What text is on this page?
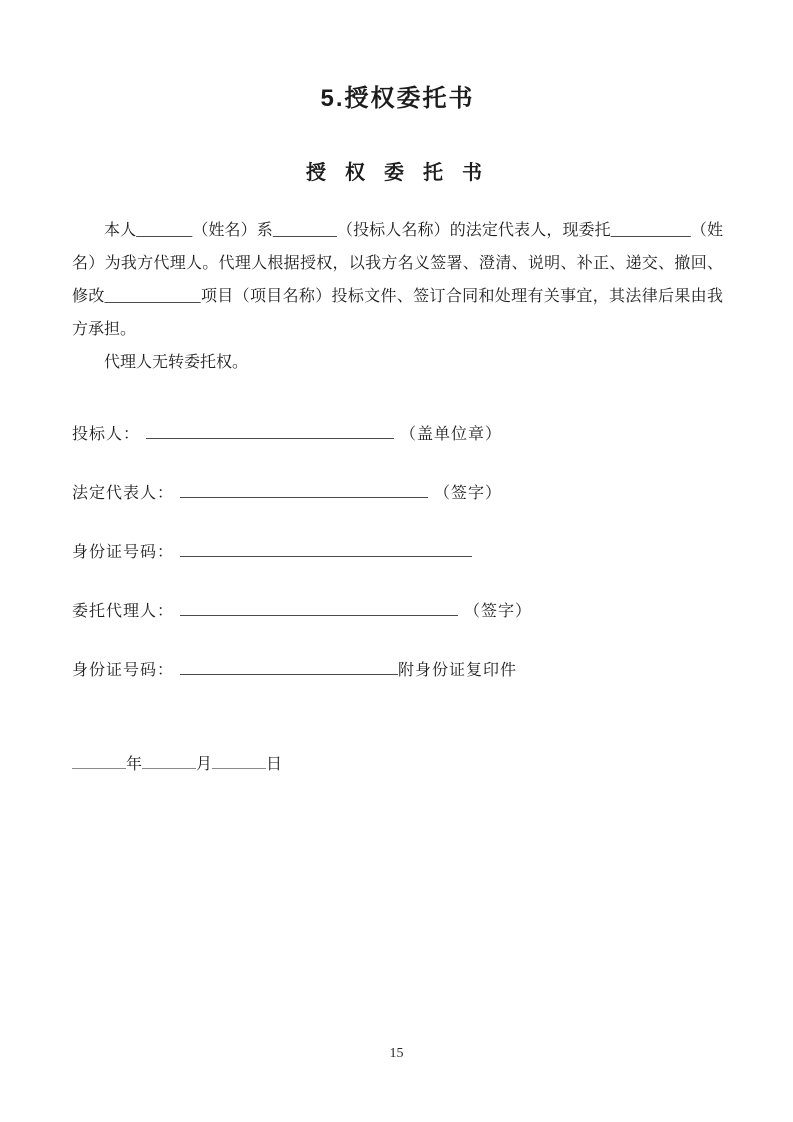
5.授权委托书
授 权 委 托 书

本人_______（姓名）系________（投标人名称）的法定代表人，现委托__________（姓名）为我方代理人。代理人根据授权，以我方名义签署、澄清、说明、补正、递交、撤回、修改____________项目（项目名称）投标文件、签订合同和处理有关事宜，其法律后果由我方承担。

代理人无转委托权。

投标人：	（盖单位章）
法定代表人：	（签字）
身份证号码：
委托代理人：	（签字）
身份证号码：	附身份证复印件
年	月	日
15
